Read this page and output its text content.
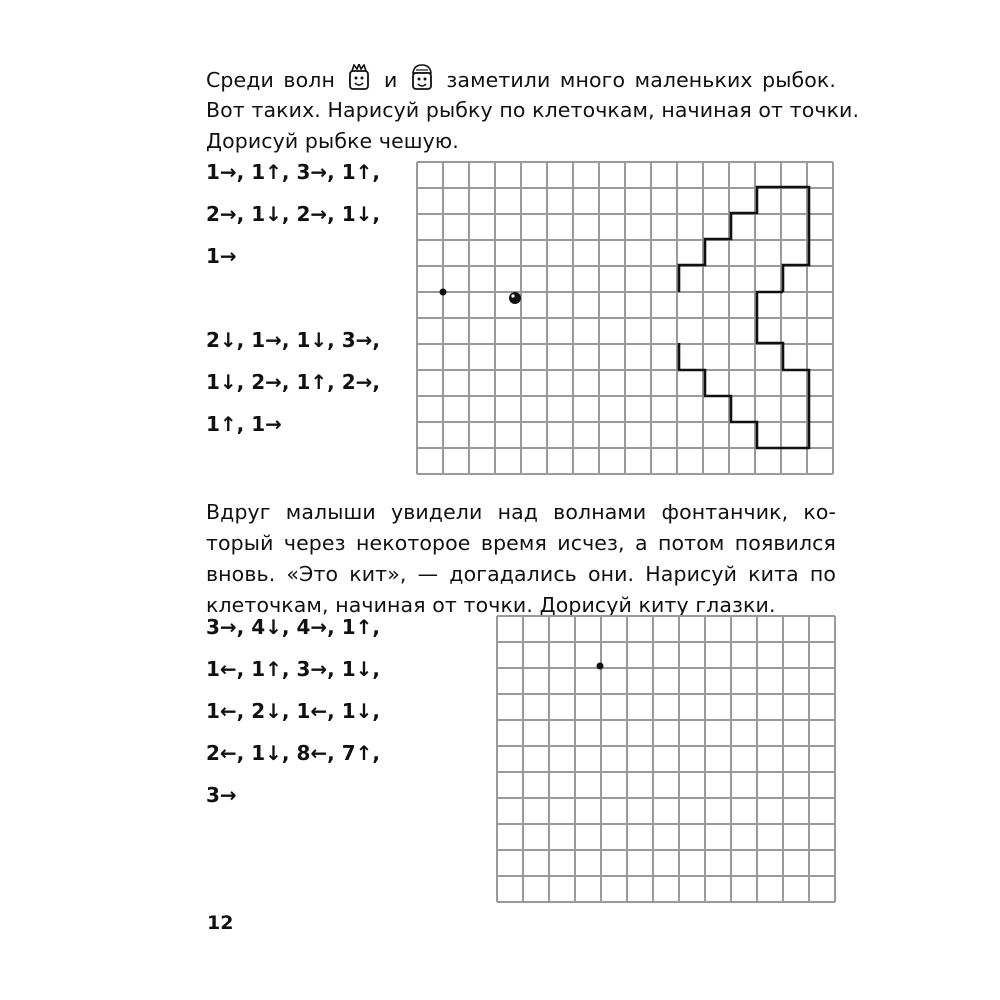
Среди волн и заметили много маленьких рыбок.
Вот таких. Нарисуй рыбку по клеточкам, начиная от точки.
Дорисуй рыбке чешую.
1→, 1↑, 3→, 1↑,
2→, 1↓, 2→, 1↓,
1→
2↓, 1→, 1↓, 3→,
1↓, 2→, 1↑, 2→,
1↑, 1→
Вдруг малыши увидели над волнами фонтанчик, ко-
торый через некоторое время исчез, а потом появился
вновь. «Это кит», — догадались они. Нарисуй кита по
клеточкам, начиная от точки. Дорисуй киту глазки.
3→, 4↓, 4→, 1↑,
1←, 1↑, 3→, 1↓,
1←, 2↓, 1←, 1↓,
2←, 1↓, 8←, 7↑,
3→
12
